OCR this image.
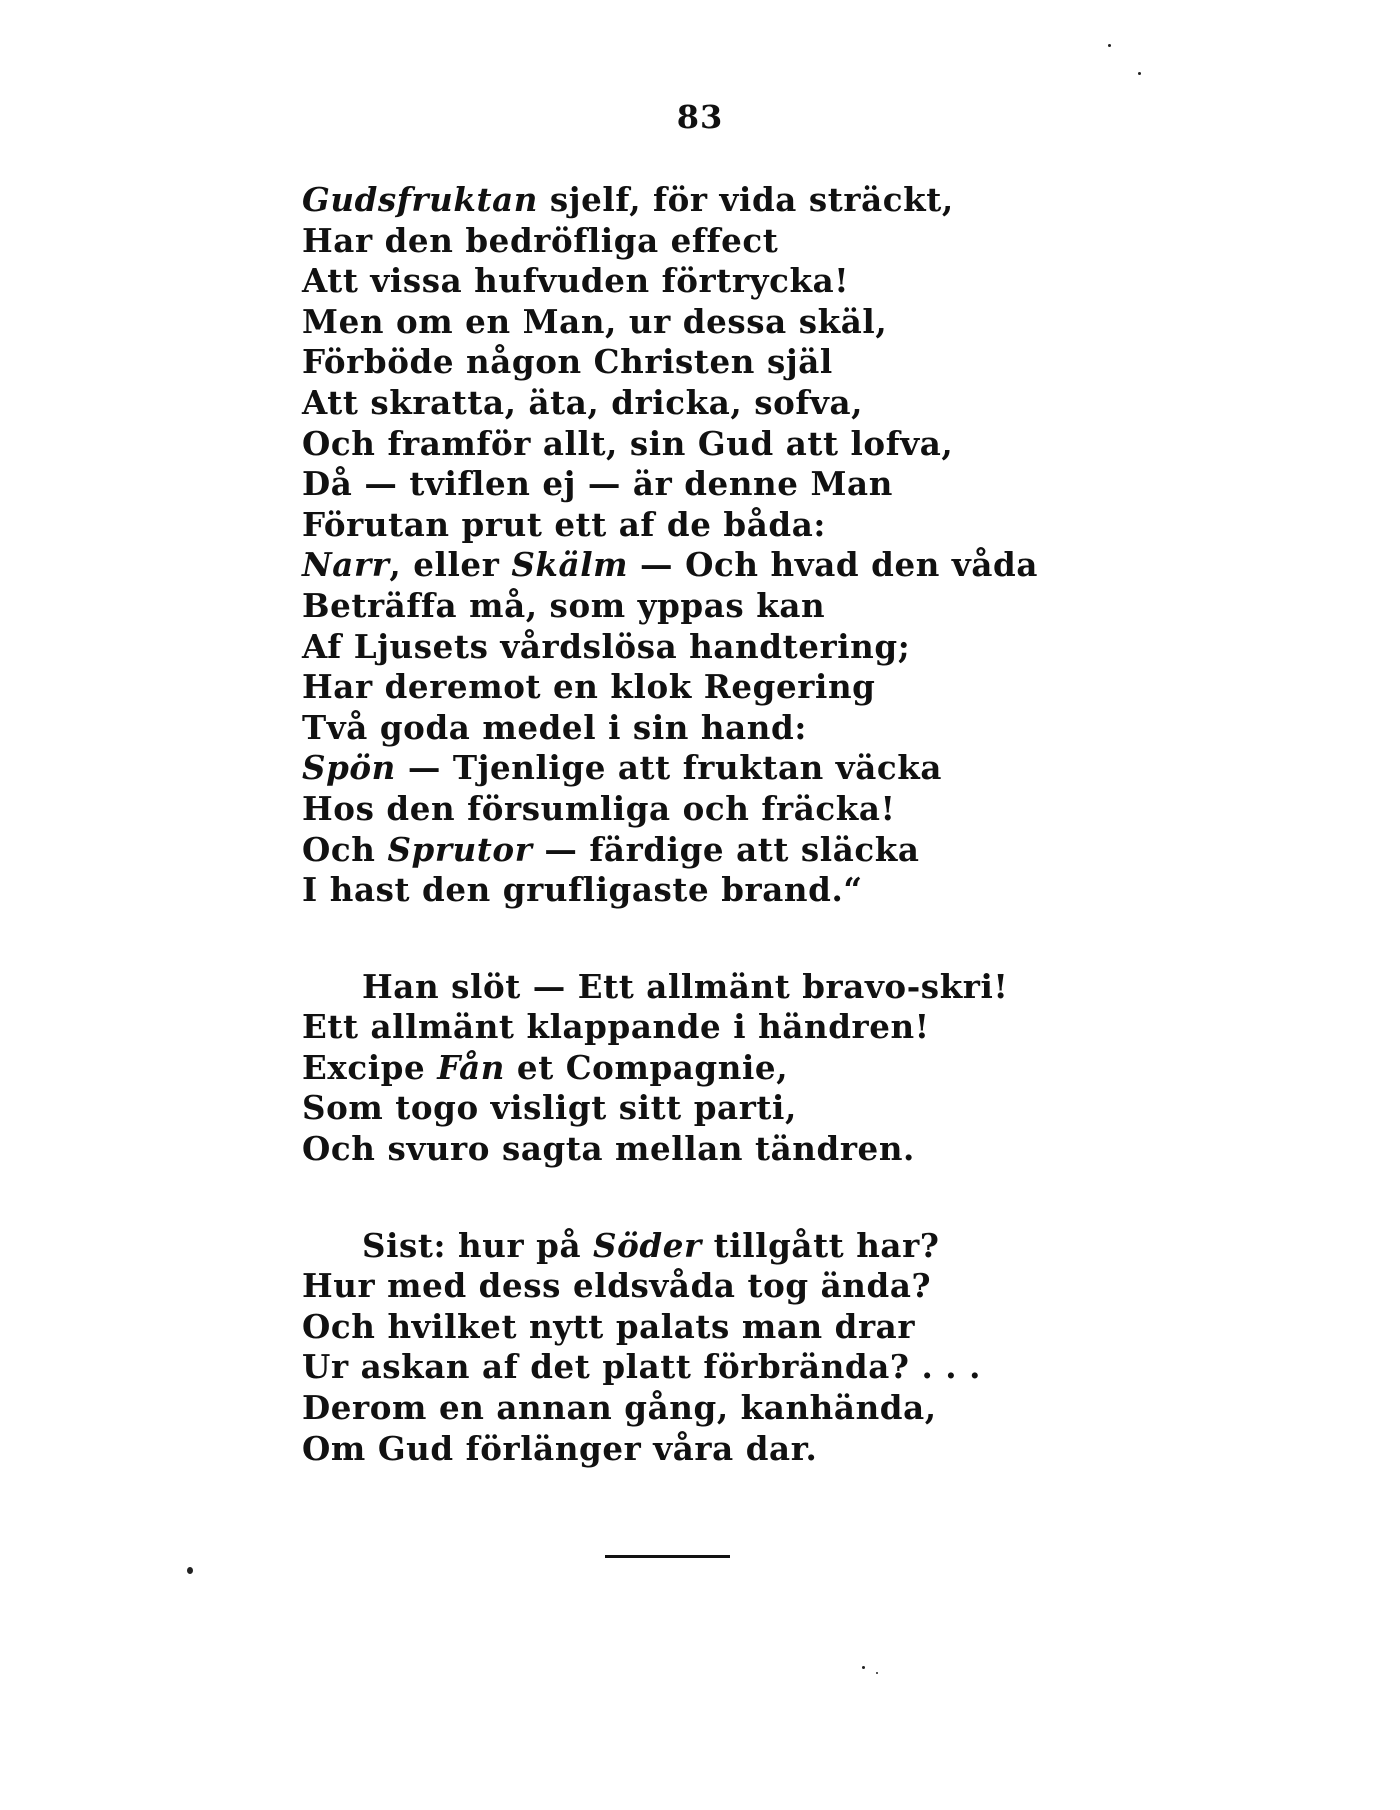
83
Gudsfruktan sjelf, för vida sträckt,
Har den bedröfliga effect
Att vissa hufvuden förtrycka!
Men om en Man, ur dessa skäl,
Förböde någon Christen själ
Att skratta, äta, dricka, sofva,
Och framför allt, sin Gud att lofva,
Då — tviflen ej — är denne Man
Förutan prut ett af de båda:
Narr, eller Skälm — Och hvad den våda
Beträffa må, som yppas kan
Af Ljusets vårdslösa handtering;
Har deremot en klok Regering
Två goda medel i sin hand:
Spön — Tjenlige att fruktan väcka
Hos den försumliga och fräcka!
Och Sprutor — färdige att släcka
I hast den grufligaste brand.“
Han slöt — Ett allmänt bravo-skri!
Ett allmänt klappande i händren!
Excipe Fån et Compagnie,
Som togo visligt sitt parti,
Och svuro sagta mellan tändren.
Sist: hur på Söder tillgått har?
Hur med dess eldsvåda tog ända?
Och hvilket nytt palats man drar
Ur askan af det platt förbrända? . . .
Derom en annan gång, kanhända,
Om Gud förlänger våra dar.
